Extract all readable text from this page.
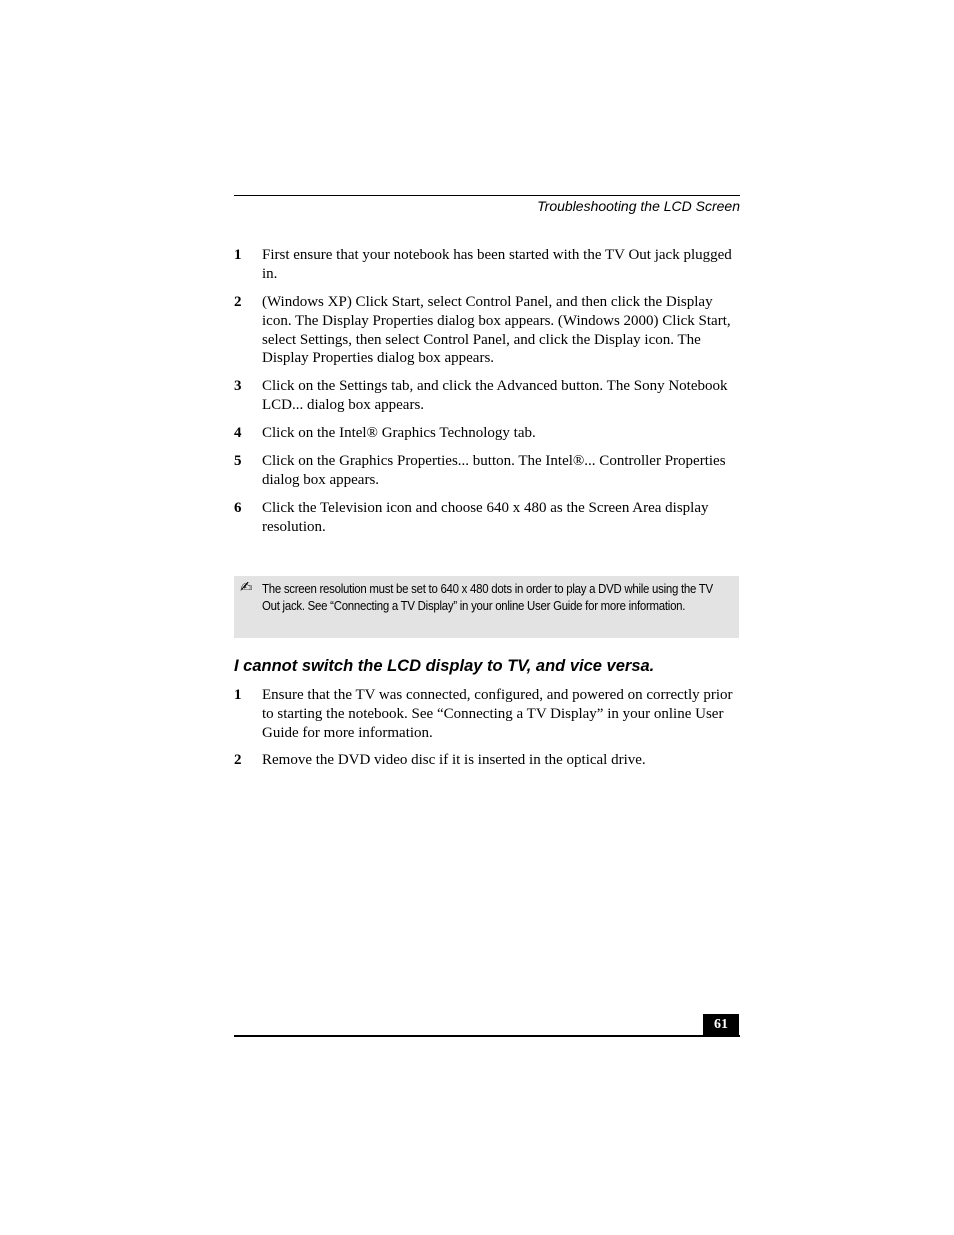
Troubleshooting the LCD Screen
1 First ensure that your notebook has been started with the TV Out jack plugged in.
2 (Windows XP) Click Start, select Control Panel, and then click the Display icon. The Display Properties dialog box appears. (Windows 2000) Click Start, select Settings, then select Control Panel, and click the Display icon. The Display Properties dialog box appears.
3 Click on the Settings tab, and click the Advanced button. The Sony Notebook LCD... dialog box appears.
4 Click on the Intel® Graphics Technology tab.
5 Click on the Graphics Properties... button. The Intel®... Controller Properties dialog box appears.
6 Click the Television icon and choose 640 x 480 as the Screen Area display resolution.
✍ The screen resolution must be set to 640 x 480 dots in order to play a DVD while using the TV Out jack. See “Connecting a TV Display” in your online User Guide for more information.
I cannot switch the LCD display to TV, and vice versa.
1 Ensure that the TV was connected, configured, and powered on correctly prior to starting the notebook. See “Connecting a TV Display” in your online User Guide for more information.
2 Remove the DVD video disc if it is inserted in the optical drive.
61
